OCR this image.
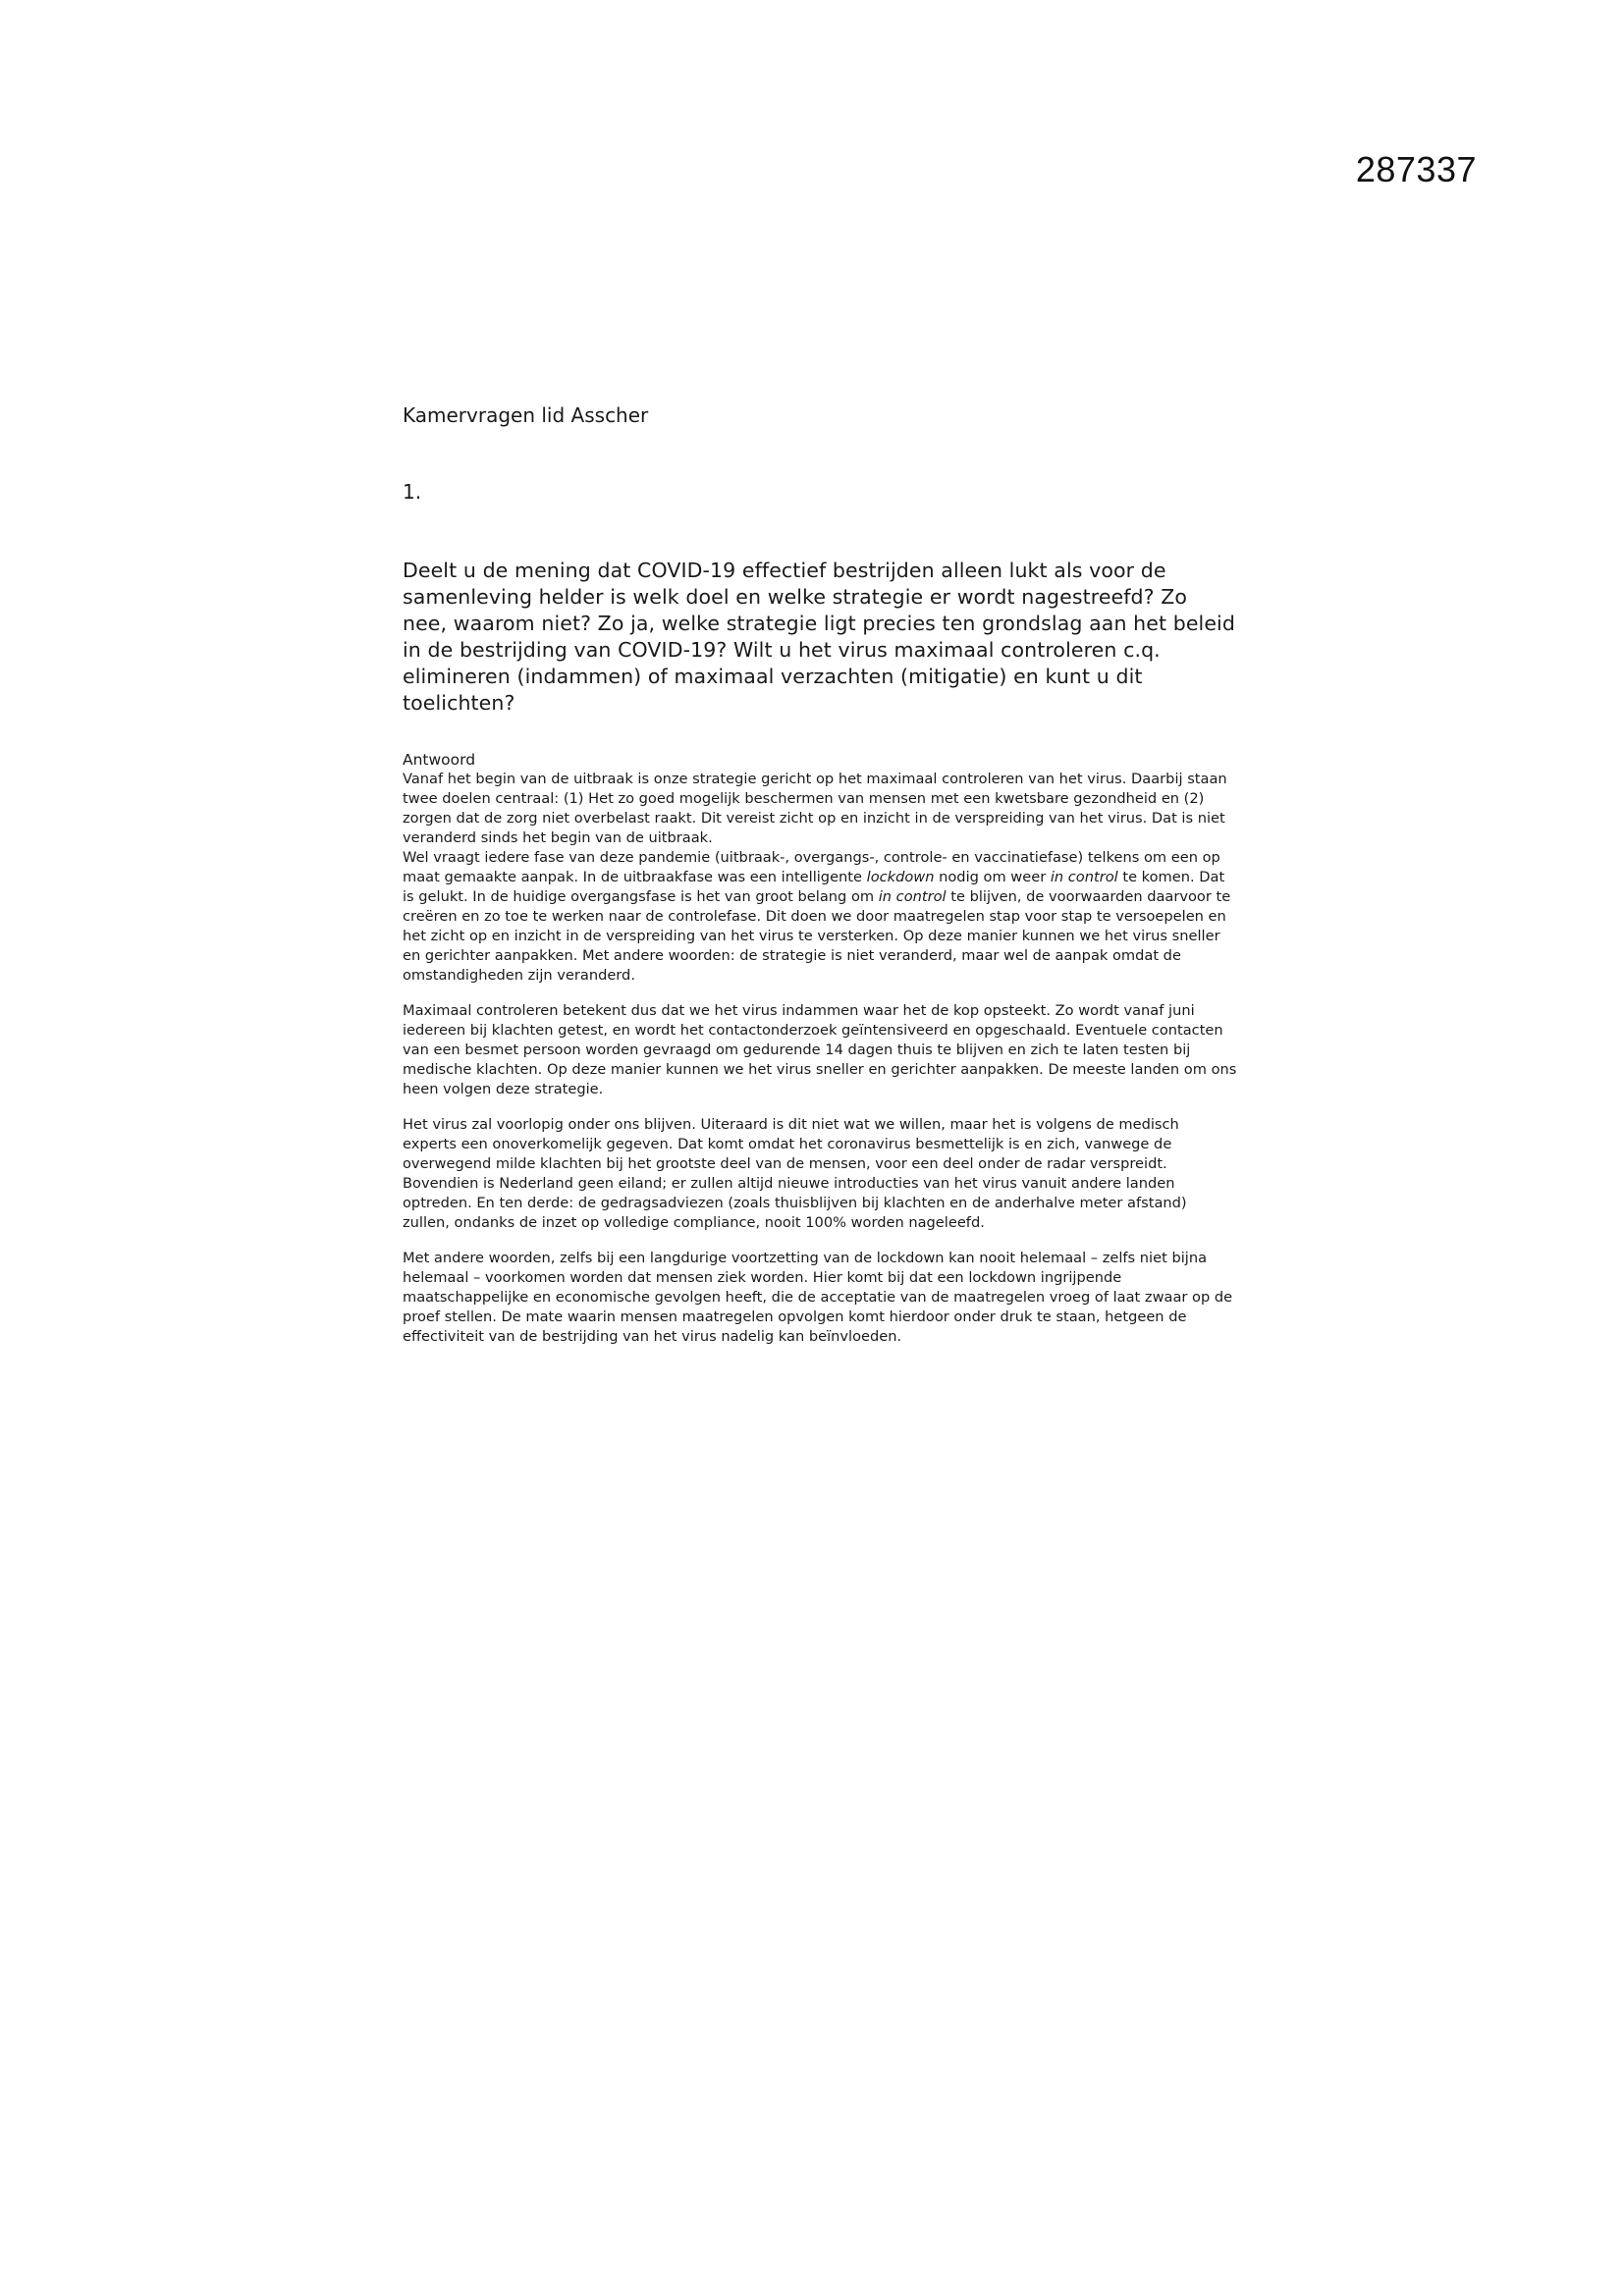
287337
Kamervragen lid Asscher
1.
Deelt u de mening dat COVID-19 effectief bestrijden alleen lukt als voor de samenleving helder is welk doel en welke strategie er wordt nagestreefd? Zo nee, waarom niet? Zo ja, welke strategie ligt precies ten grondslag aan het beleid in de bestrijding van COVID-19? Wilt u het virus maximaal controleren c.q. elimineren (indammen) of maximaal verzachten (mitigatie) en kunt u dit toelichten?
Antwoord

Vanaf het begin van de uitbraak is onze strategie gericht op het maximaal controleren van het virus. Daarbij staan twee doelen centraal: (1) Het zo goed mogelijk beschermen van mensen met een kwetsbare gezondheid en (2) zorgen dat de zorg niet overbelast raakt. Dit vereist zicht op en inzicht in de verspreiding van het virus. Dat is niet veranderd sinds het begin van de uitbraak.

Wel vraagt iedere fase van deze pandemie (uitbraak-, overgangs-, controle- en vaccinatiefase) telkens om een op maat gemaakte aanpak. In de uitbraakfase was een intelligente lockdown nodig om weer in control te komen. Dat is gelukt. In de huidige overgangsfase is het van groot belang om in control te blijven, de voorwaarden daarvoor te creëren en zo toe te werken naar de controlefase. Dit doen we door maatregelen stap voor stap te versoepelen en het zicht op en inzicht in de verspreiding van het virus te versterken. Op deze manier kunnen we het virus sneller en gerichter aanpakken. Met andere woorden: de strategie is niet veranderd, maar wel de aanpak omdat de omstandigheden zijn veranderd.

Maximaal controleren betekent dus dat we het virus indammen waar het de kop opsteekt. Zo wordt vanaf juni iedereen bij klachten getest, en wordt het contactonderzoek geïntensiveerd en opgeschaald. Eventuele contacten van een besmet persoon worden gevraagd om gedurende 14 dagen thuis te blijven en zich te laten testen bij medische klachten. Op deze manier kunnen we het virus sneller en gerichter aanpakken. De meeste landen om ons heen volgen deze strategie.

Het virus zal voorlopig onder ons blijven. Uiteraard is dit niet wat we willen, maar het is volgens de medisch experts een onoverkomelijk gegeven. Dat komt omdat het coronavirus besmettelijk is en zich, vanwege de overwegend milde klachten bij het grootste deel van de mensen, voor een deel onder de radar verspreidt. Bovendien is Nederland geen eiland; er zullen altijd nieuwe introducties van het virus vanuit andere landen optreden. En ten derde: de gedragsadviezen (zoals thuisblijven bij klachten en de anderhalve meter afstand) zullen, ondanks de inzet op volledige compliance, nooit 100% worden nageleefd.

Met andere woorden, zelfs bij een langdurige voortzetting van de lockdown kan nooit helemaal – zelfs niet bijna helemaal – voorkomen worden dat mensen ziek worden. Hier komt bij dat een lockdown ingrijpende maatschappelijke en economische gevolgen heeft, die de acceptatie van de maatregelen vroeg of laat zwaar op de proef stellen. De mate waarin mensen maatregelen opvolgen komt hierdoor onder druk te staan, hetgeen de effectiviteit van de bestrijding van het virus nadelig kan beïnvloeden.
